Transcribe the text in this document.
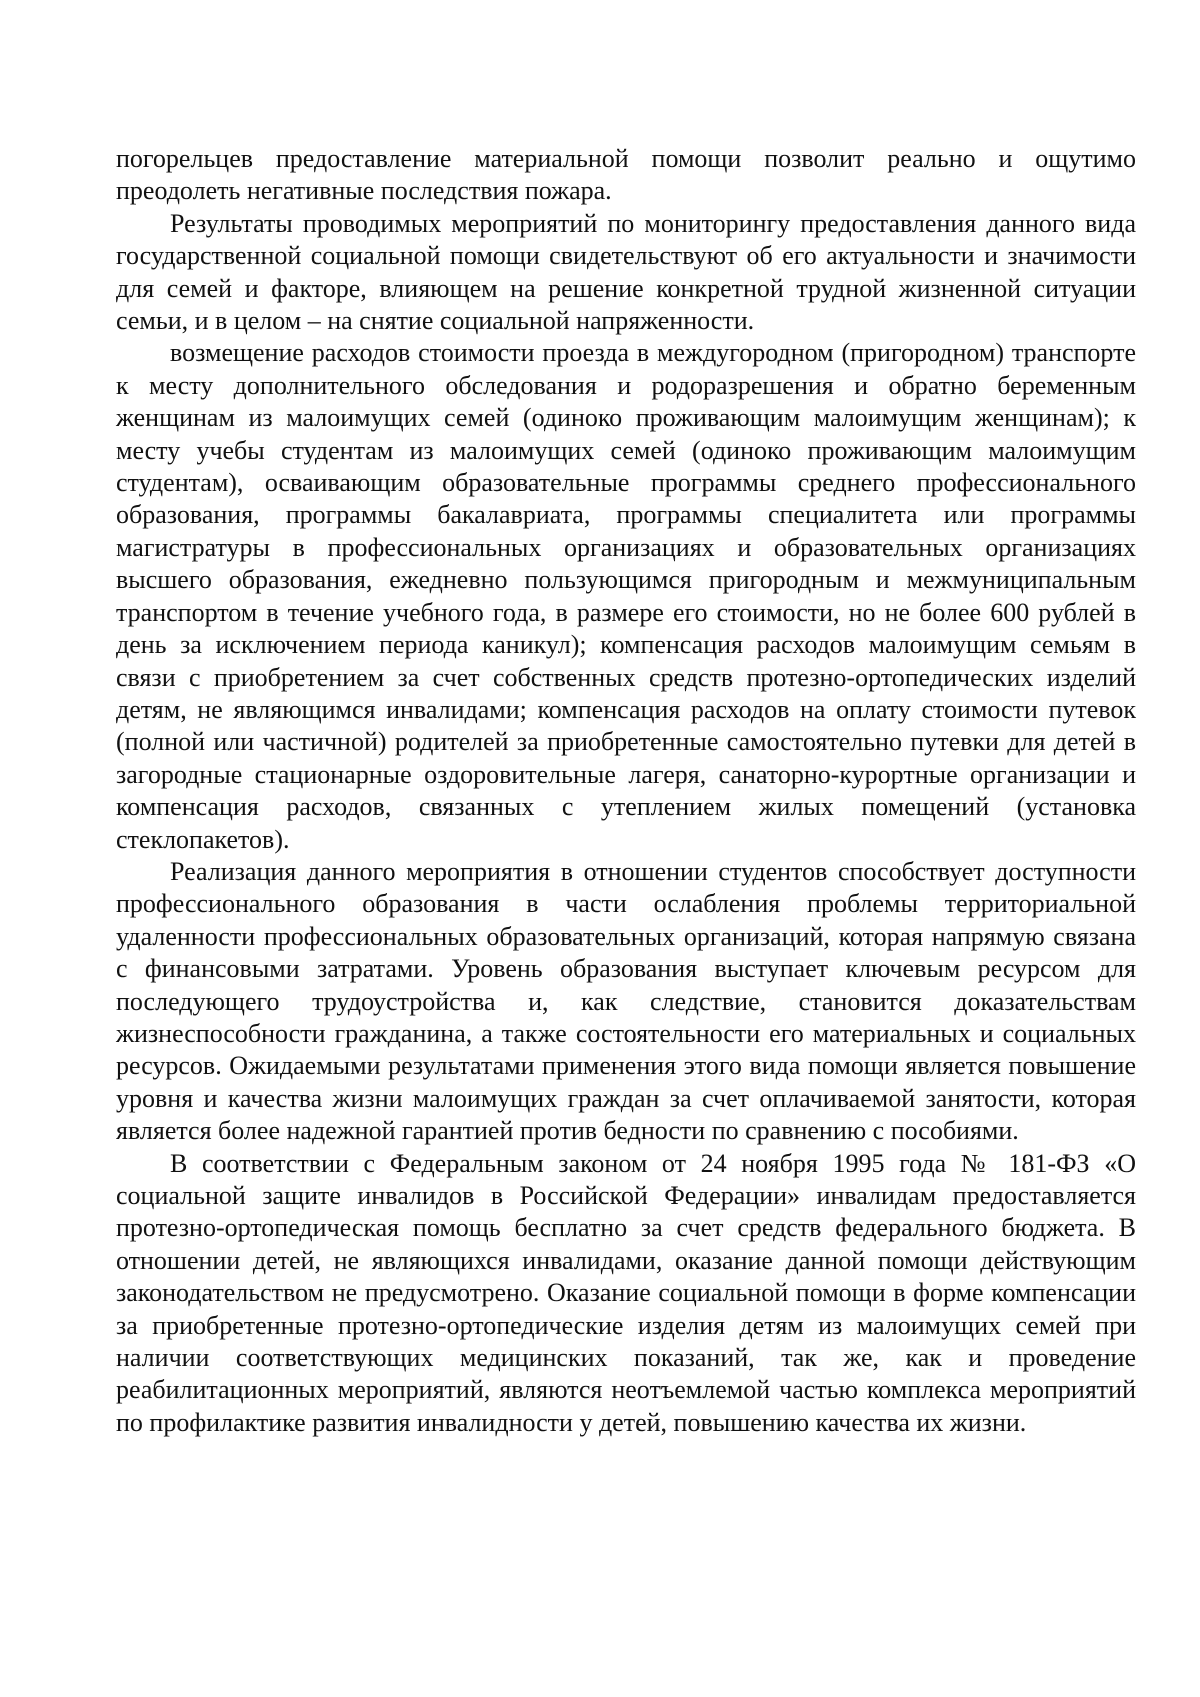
погорельцев предоставление материальной помощи позволит реально и ощутимо преодолеть негативные последствия пожара.

Результаты проводимых мероприятий по мониторингу предоставления данного вида государственной социальной помощи свидетельствуют об его актуальности и значимости для семей и факторе, влияющем на решение конкретной трудной жизненной ситуации семьи, и в целом – на снятие социальной напряженности.

возмещение расходов стоимости проезда в междугородном (пригородном) транспорте к месту дополнительного обследования и родоразрешения и обратно беременным женщинам из малоимущих семей (одиноко проживающим малоимущим женщинам); к месту учебы студентам из малоимущих семей (одиноко проживающим малоимущим студентам), осваивающим образовательные программы среднего профессионального образования, программы бакалавриата, программы специалитета или программы магистратуры в профессиональных организациях и образовательных организациях высшего образования, ежедневно пользующимся пригородным и межмуниципальным транспортом в течение учебного года, в размере его стоимости, но не более 600 рублей в день за исключением периода каникул); компенсация расходов малоимущим семьям в связи с приобретением за счет собственных средств протезно-ортопедических изделий детям, не являющимся инвалидами; компенсация расходов на оплату стоимости путевок (полной или частичной) родителей за приобретенные самостоятельно путевки для детей в загородные стационарные оздоровительные лагеря, санаторно-курортные организации и компенсация расходов, связанных с утеплением жилых помещений (установка стеклопакетов).

Реализация данного мероприятия в отношении студентов способствует доступности профессионального образования в части ослабления проблемы территориальной удаленности профессиональных образовательных организаций, которая напрямую связана с финансовыми затратами. Уровень образования выступает ключевым ресурсом для последующего трудоустройства и, как следствие, становится доказательствам жизнеспособности гражданина, а также состоятельности его материальных и социальных ресурсов. Ожидаемыми результатами применения этого вида помощи является повышение уровня и качества жизни малоимущих граждан за счет оплачиваемой занятости, которая является более надежной гарантией против бедности по сравнению с пособиями.

В соответствии с Федеральным законом от 24 ноября 1995 года № 181-ФЗ «О социальной защите инвалидов в Российской Федерации» инвалидам предоставляется протезно-ортопедическая помощь бесплатно за счет средств федерального бюджета. В отношении детей, не являющихся инвалидами, оказание данной помощи действующим законодательством не предусмотрено. Оказание социальной помощи в форме компенсации за приобретенные протезно-ортопедические изделия детям из малоимущих семей при наличии соответствующих медицинских показаний, так же, как и проведение реабилитационных мероприятий, являются неотъемлемой частью комплекса мероприятий по профилактике развития инвалидности у детей, повышению качества их жизни.
